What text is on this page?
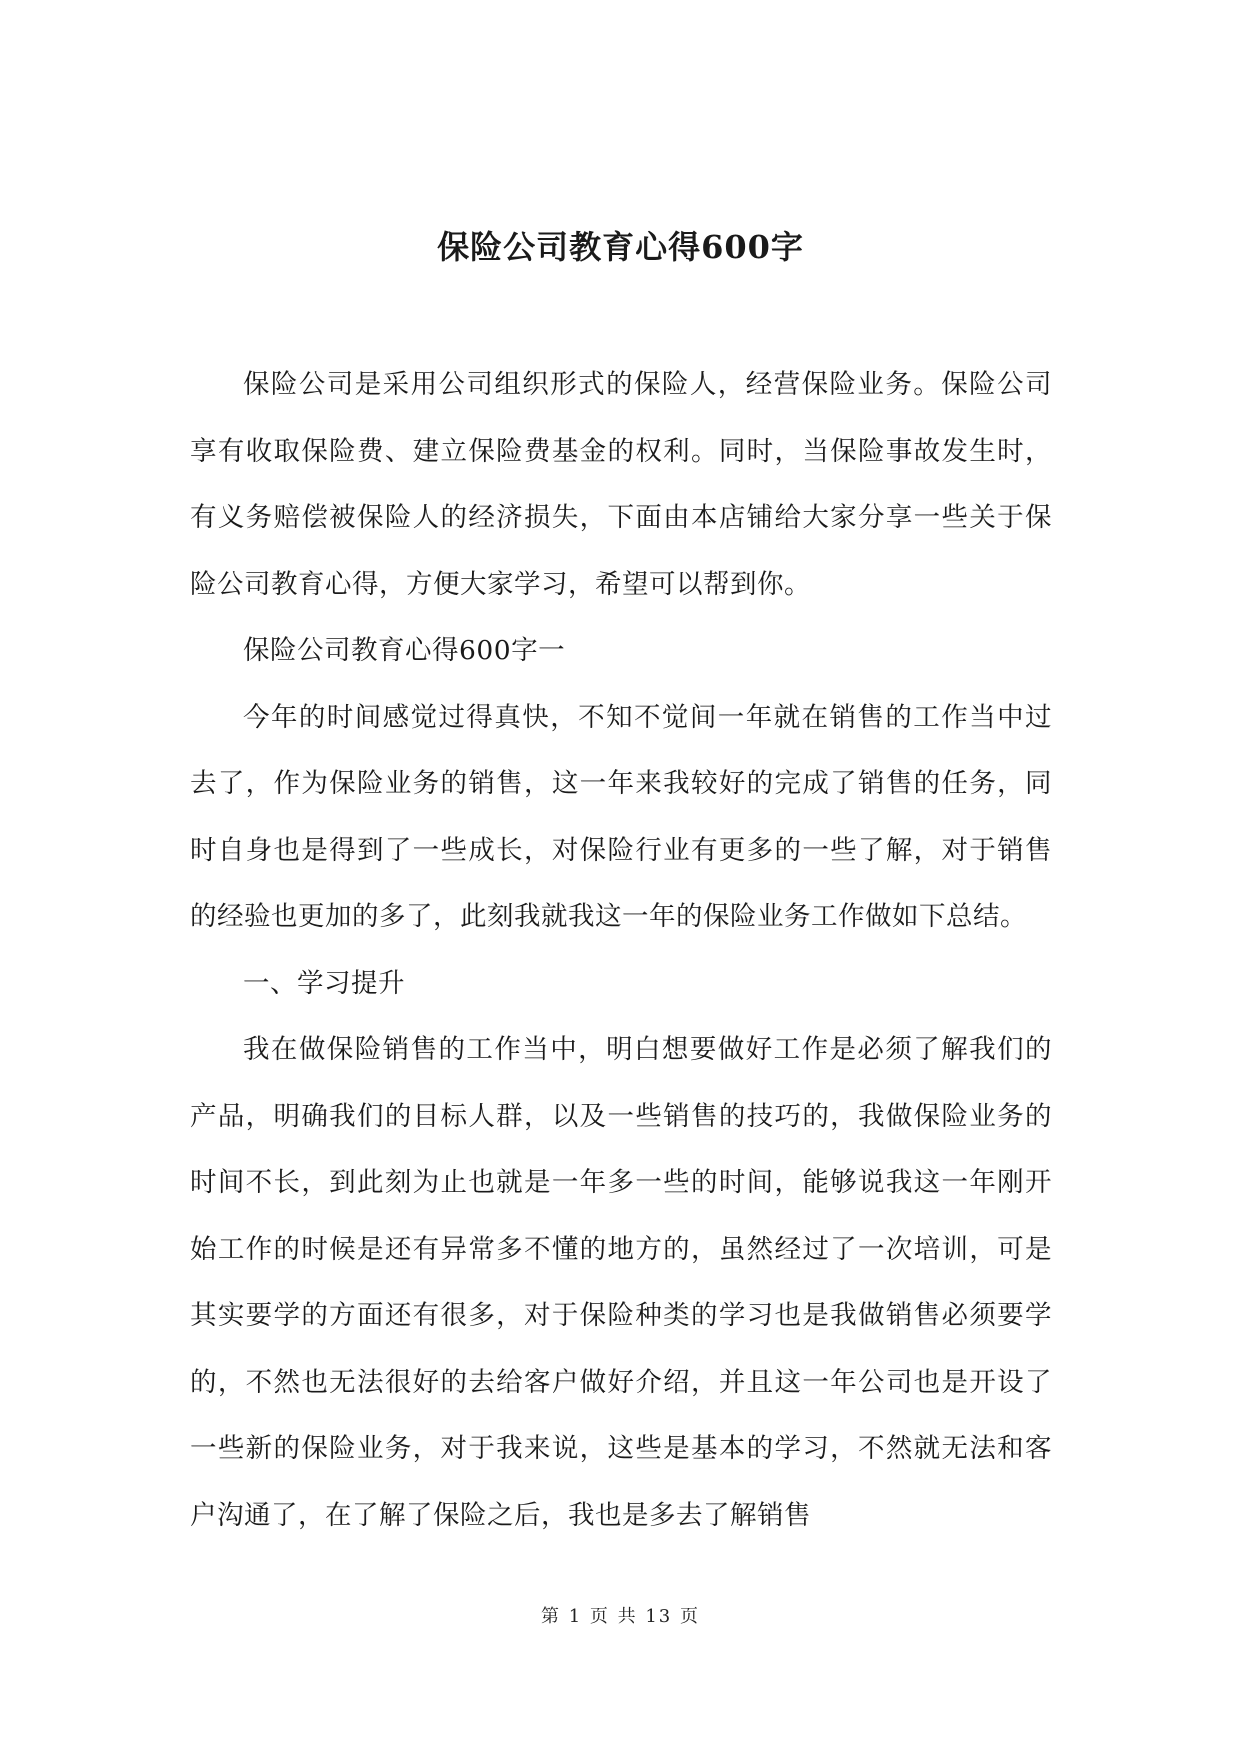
保险公司教育心得600字

保险公司是采用公司组织形式的保险人，经营保险业务。保险公司享有收取保险费、建立保险费基金的权利。同时，当保险事故发生时，有义务赔偿被保险人的经济损失，下面由本店铺给大家分享一些关于保险公司教育心得，方便大家学习，希望可以帮到你。

保险公司教育心得600字一

今年的时间感觉过得真快，不知不觉间一年就在销售的工作当中过去了，作为保险业务的销售，这一年来我较好的完成了销售的任务，同时自身也是得到了一些成长，对保险行业有更多的一些了解，对于销售的经验也更加的多了，此刻我就我这一年的保险业务工作做如下总结。

一、学习提升

我在做保险销售的工作当中，明白想要做好工作是必须了解我们的产品，明确我们的目标人群，以及一些销售的技巧的，我做保险业务的时间不长，到此刻为止也就是一年多一些的时间，能够说我这一年刚开始工作的时候是还有异常多不懂的地方的，虽然经过了一次培训，可是其实要学的方面还有很多，对于保险种类的学习也是我做销售必须要学的，不然也无法很好的去给客户做好介绍，并且这一年公司也是开设了一些新的保险业务，对于我来说，这些是基本的学习，不然就无法和客户沟通了，在了解了保险之后，我也是多去了解销售

第 1 页 共 13 页
